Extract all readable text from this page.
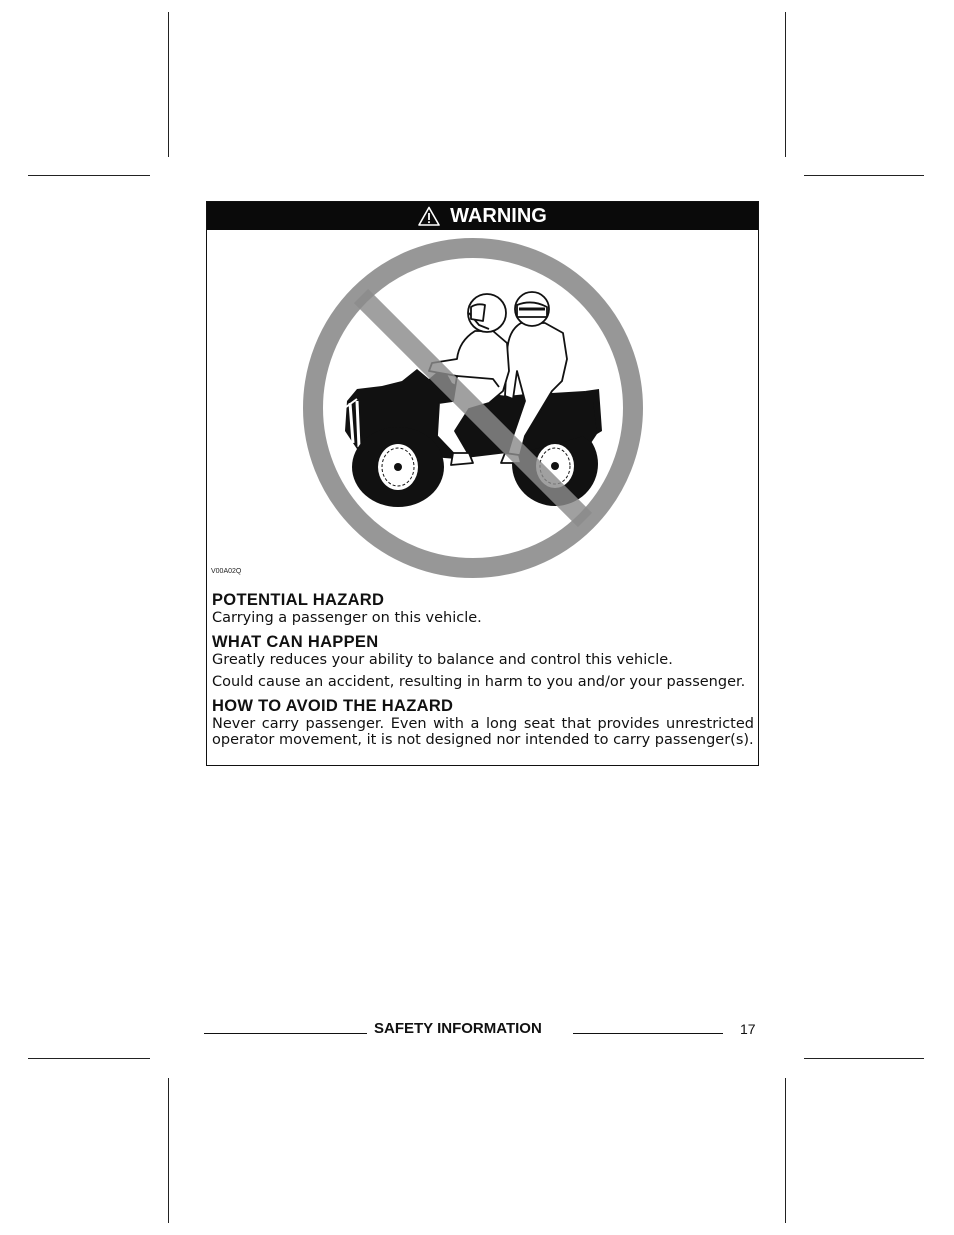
WARNING
V00A02Q
POTENTIAL HAZARD

Carrying a passenger on this vehicle.

WHAT CAN HAPPEN

Greatly reduces your ability to balance and control this vehicle.

Could cause an accident, resulting in harm to you and/or your passenger.

HOW TO AVOID THE HAZARD

Never carry passenger. Even with a long seat that provides unrestricted operator movement, it is not designed nor intended to carry passenger(s).

SAFETY INFORMATION	17
